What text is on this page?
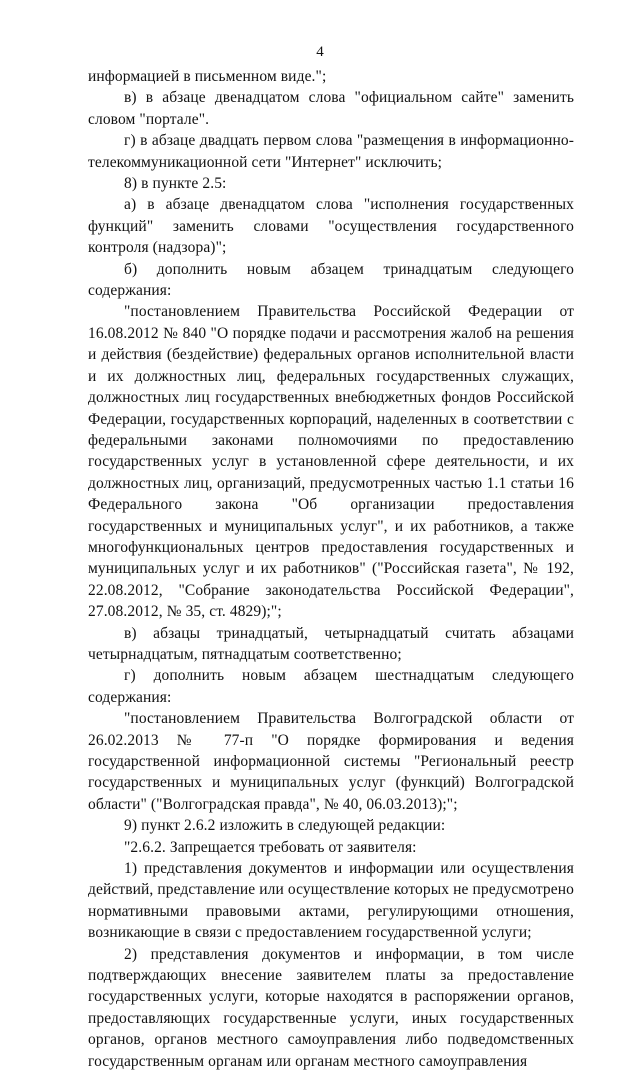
4

информацией в письменном виде.";

в) в абзаце двенадцатом слова "официальном сайте" заменить словом "портале".

г) в абзаце двадцать первом слова "размещения в информационно-телекоммуникационной сети "Интернет" исключить;

8) в пункте 2.5:

а) в абзаце двенадцатом слова "исполнения государственных функций" заменить словами "осуществления государственного контроля (надзора)";

б) дополнить новым абзацем тринадцатым следующего содержания:

"постановлением Правительства Российской Федерации от 16.08.2012 № 840 "О порядке подачи и рассмотрения жалоб на решения и действия (бездействие) федеральных органов исполнительной власти и их должностных лиц, федеральных государственных служащих, должностных лиц государственных внебюджетных фондов Российской Федерации, государственных корпораций, наделенных в соответствии с федеральными законами полномочиями по предоставлению государственных услуг в установленной сфере деятельности, и их должностных лиц, организаций, предусмотренных частью 1.1 статьи 16 Федерального закона "Об организации предоставления государственных и муниципальных услуг", и их работников, а также многофункциональных центров предоставления государственных и муниципальных услуг и их работников" ("Российская газета", № 192, 22.08.2012, "Собрание законодательства Российской Федерации", 27.08.2012, № 35, ст. 4829);";

в) абзацы тринадцатый, четырнадцатый считать абзацами четырнадцатым, пятнадцатым соответственно;

г) дополнить новым абзацем шестнадцатым следующего содержания:

"постановлением Правительства Волгоградской области от 26.02.2013 № 77-п "О порядке формирования и ведения государственной информационной системы "Региональный реестр государственных и муниципальных услуг (функций) Волгоградской области" ("Волгоградская правда", № 40, 06.03.2013);";

9) пункт 2.6.2 изложить в следующей редакции:

"2.6.2. Запрещается требовать от заявителя:

1) представления документов и информации или осуществления действий, представление или осуществление которых не предусмотрено нормативными правовыми актами, регулирующими отношения, возникающие в связи с предоставлением государственной услуги;

2) представления документов и информации, в том числе подтверждающих внесение заявителем платы за предоставление государственных услуги, которые находятся в распоряжении органов, предоставляющих государственные услуги, иных государственных органов, органов местного самоуправления либо подведомственных государственным органам или органам местного самоуправления
